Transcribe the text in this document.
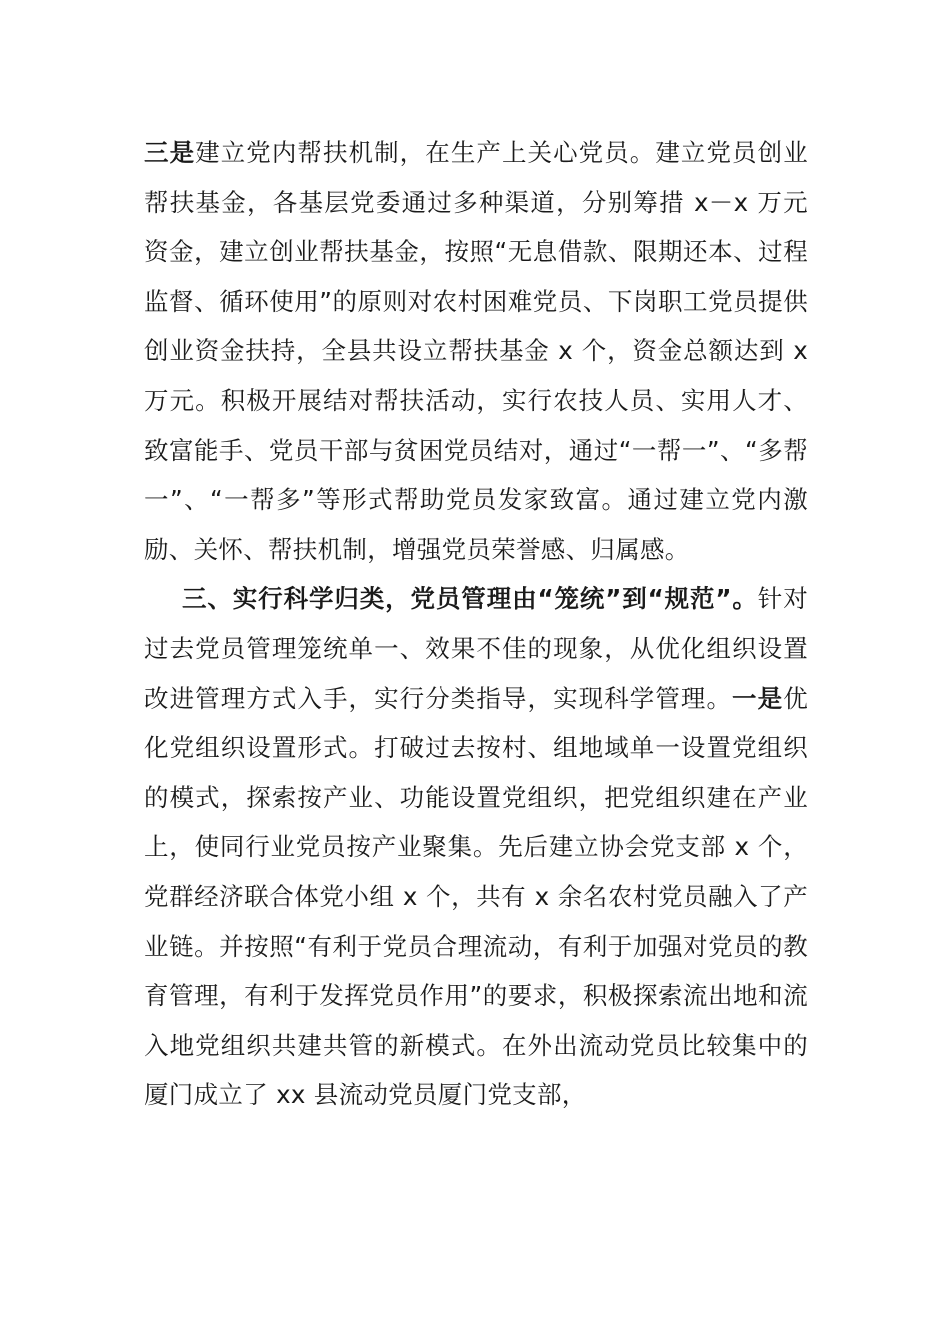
三是建立党内帮扶机制，在生产上关心党员。建立党员创业帮扶基金，各基层党委通过多种渠道，分别筹措 x－x 万元资金，建立创业帮扶基金，按照“无息借款、限期还本、过程监督、循环使用”的原则对农村困难党员、下岗职工党员提供创业资金扶持，全县共设立帮扶基金 x 个，资金总额达到 x 万元。积极开展结对帮扶活动，实行农技人员、实用人才、致富能手、党员干部与贫困党员结对，通过“一帮一”、“多帮一”、“一帮多”等形式帮助党员发家致富。通过建立党内激励、关怀、帮扶机制，增强党员荣誉感、归属感。

三、实行科学归类，党员管理由“笼统”到“规范”。针对过去党员管理笼统单一、效果不佳的现象，从优化组织设置改进管理方式入手，实行分类指导，实现科学管理。一是优化党组织设置形式。打破过去按村、组地域单一设置党组织的模式，探索按产业、功能设置党组织，把党组织建在产业上，使同行业党员按产业聚集。先后建立协会党支部 x 个，党群经济联合体党小组 x 个，共有 x 余名农村党员融入了产业链。并按照“有利于党员合理流动，有利于加强对党员的教育管理，有利于发挥党员作用”的要求，积极探索流出地和流入地党组织共建共管的新模式。在外出流动党员比较集中的厦门成立了 xx 县流动党员厦门党支部，
